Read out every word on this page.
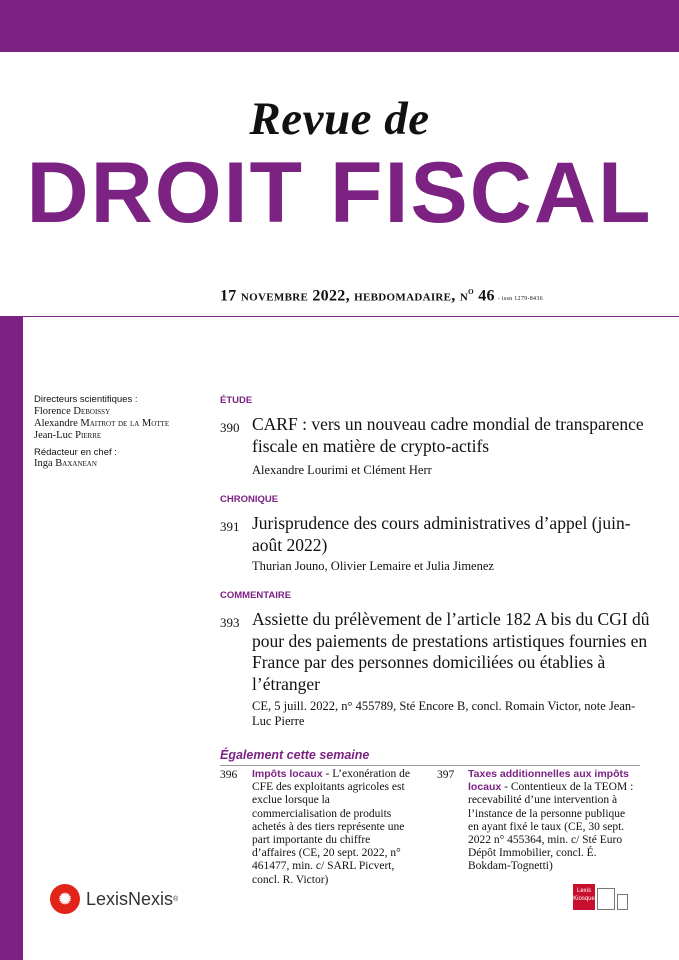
Revue de
DROIT FISCAL
17 novembre 2022, hebdomadaire, $n^o$ 46 - issn 1279-8436
Directeurs scientifiques :
Florence Deboissy
Alexandre Maitrot de la Motte
Jean-Luc Pierre
Rédacteur en chef :
Inga Baxanean
ÉTUDE
390 CARF : vers un nouveau cadre mondial de transparence fiscale en matière de crypto-actifs
Alexandre Lourimi et Clément Herr
CHRONIQUE
391 Jurisprudence des cours administratives d’appel (juin-août 2022)
Thurian Jouno, Olivier Lemaire et Julia Jimenez
COMMENTAIRE
393 Assiette du prélèvement de l’article 182 A bis du CGI dû pour des paiements de prestations artistiques fournies en France par des personnes domiciliées ou établies à l’étranger
CE, 5 juill. 2022, n° 455789, Sté Encore B, concl. Romain Victor, note Jean-Luc Pierre
Également cette semaine
396 Impôts locaux - L’exonération de CFE des exploitants agricoles est exclue lorsque la commercialisation de produits achetés à des tiers représente une part importante du chiffre d’affaires (CE, 20 sept. 2022, n° 461477, min. c/ SARL Picvert, concl. R. Victor)
397 Taxes additionnelles aux impôts locaux - Contentieux de la TEOM : recevabilité d’une intervention à l’instance de la personne publique en ayant fixé le taux (CE, 30 sept. 2022 n° 455364, min. c/ Sté Euro Dépôt Immobilier, concl. É. Bokdam-Tognetti)
✺ LexisNexis ®
Lexis Kiosque
